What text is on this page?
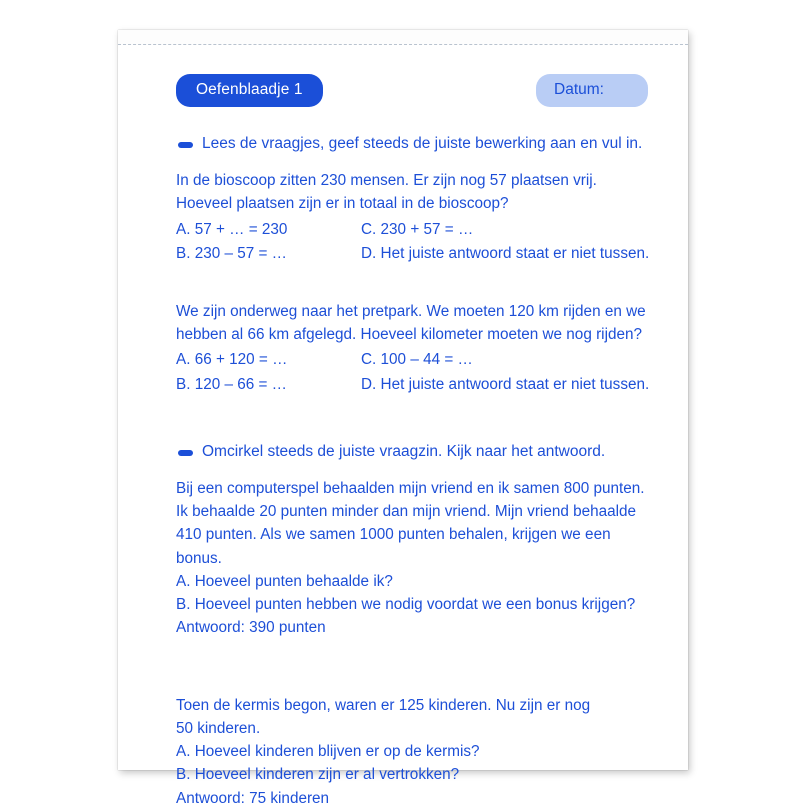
Oefenblaadje 1	Datum:
Lees de vraagjes, geef steeds de juiste bewerking aan en vul in.

In de bioscoop zitten 230 mensen. Er zijn nog 57 plaatsen vrij.

Hoeveel plaatsen zijn er in totaal in de bioscoop?

A. 57 + … = 230	C. 230 + 57 = …

B. 230 – 57 = …	D. Het juiste antwoord staat er niet tussen.

We zijn onderweg naar het pretpark. We moeten 120 km rijden en we

hebben al 66 km afgelegd. Hoeveel kilometer moeten we nog rijden?

A. 66 + 120 = …	C. 100 – 44 = …

B. 120 – 66 = …	D. Het juiste antwoord staat er niet tussen.

Omcirkel steeds de juiste vraagzin. Kijk naar het antwoord.

Bij een computerspel behaalden mijn vriend en ik samen 800 punten.

Ik behaalde 20 punten minder dan mijn vriend. Mijn vriend behaalde

410 punten. Als we samen 1000 punten behalen, krijgen we een bonus.

A. Hoeveel punten behaalde ik?

B. Hoeveel punten hebben we nodig voordat we een bonus krijgen?

Antwoord: 390 punten

Toen de kermis begon, waren er 125 kinderen. Nu zijn er nog

50 kinderen.

A. Hoeveel kinderen blijven er op de kermis?

B. Hoeveel kinderen zijn er al vertrokken?

Antwoord: 75 kinderen
